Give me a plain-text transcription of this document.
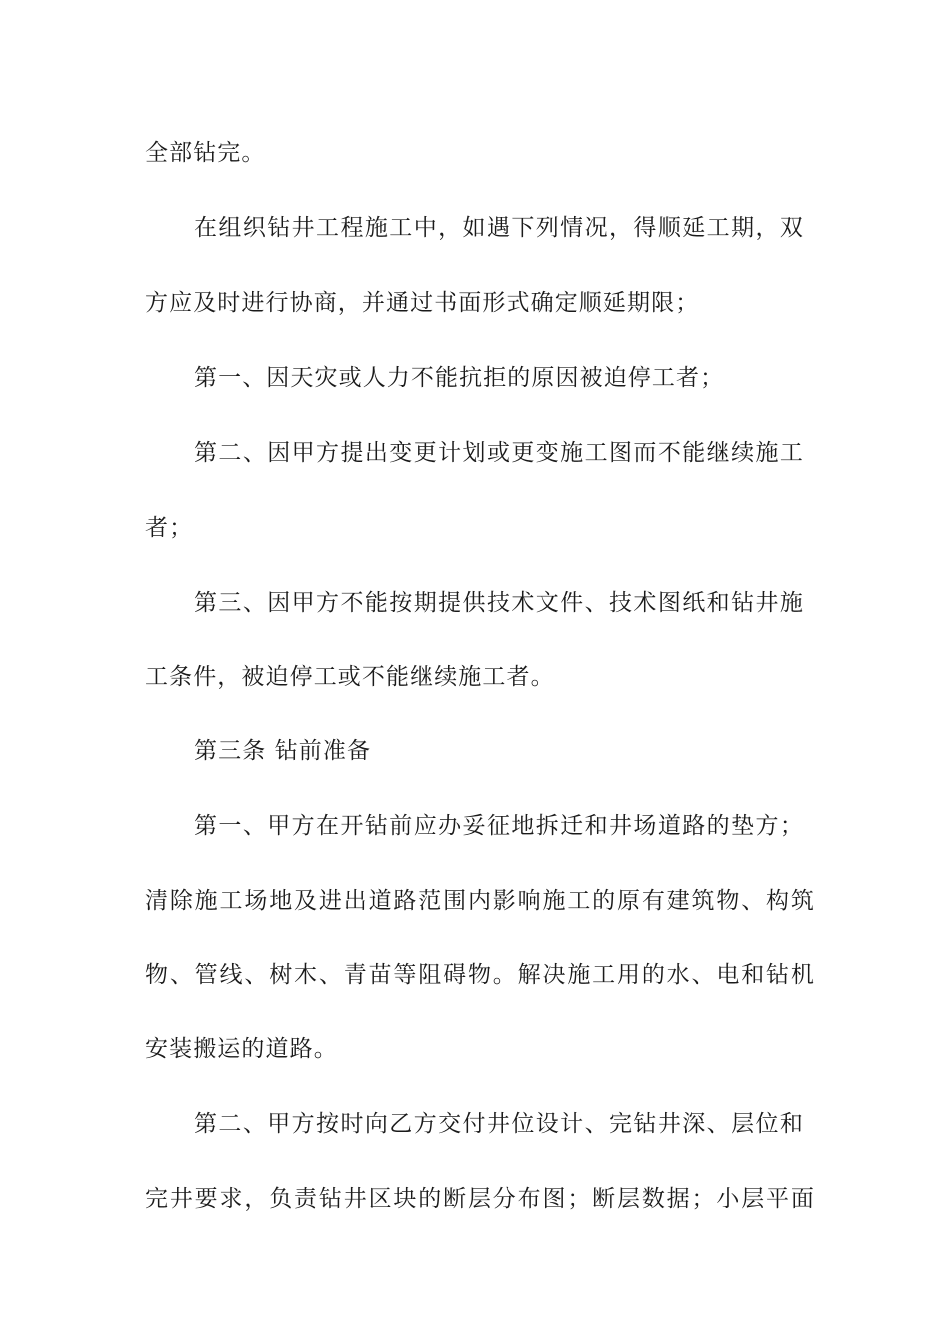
全部钻完。
在组织钻井工程施工中，如遇下列情况，得顺延工期，双
方应及时进行协商，并通过书面形式确定顺延期限；
第一、因天灾或人力不能抗拒的原因被迫停工者；
第二、因甲方提出变更计划或更变施工图而不能继续施工
者；
第三、因甲方不能按期提供技术文件、技术图纸和钻井施
工条件，被迫停工或不能继续施工者。
第三条 钻前准备
第一、甲方在开钻前应办妥征地拆迁和井场道路的垫方；
清除施工场地及进出道路范围内影响施工的原有建筑物、构筑
物、管线、树木、青苗等阻碍物。解决施工用的水、电和钻机
安装搬运的道路。
第二、甲方按时向乙方交付井位设计、完钻井深、层位和
完井要求，负责钻井区块的断层分布图；断层数据；小层平面
